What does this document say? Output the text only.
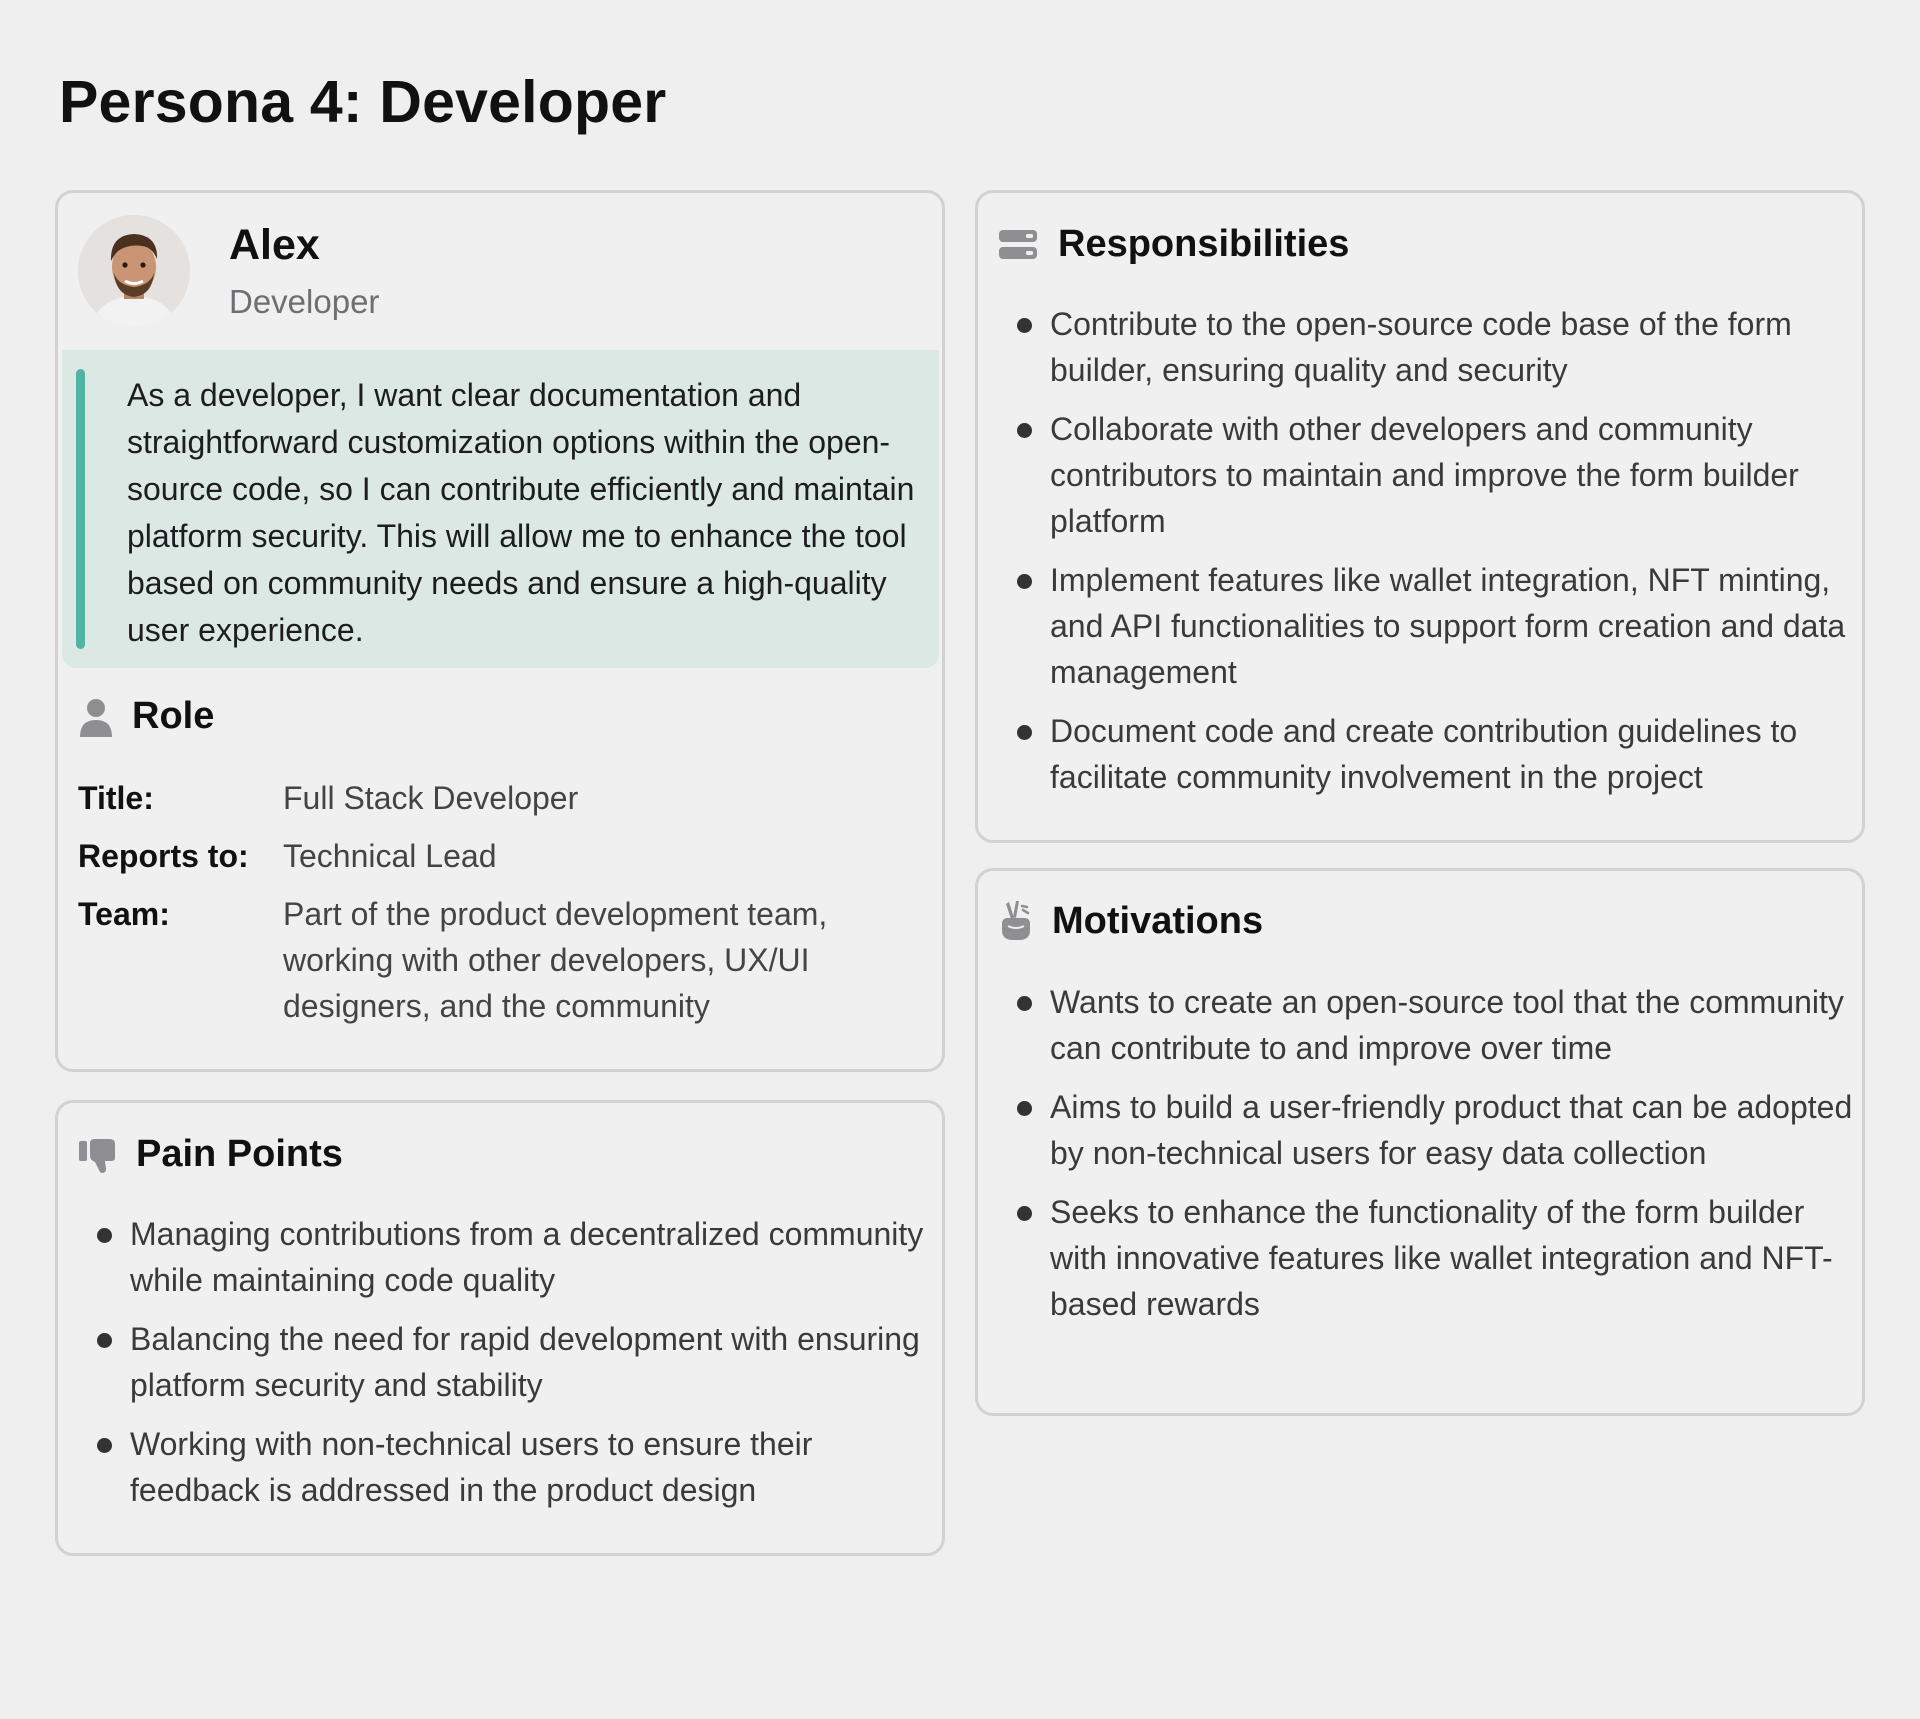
Persona 4: Developer
Alex
Developer

As a developer, I want clear documentation and straightforward customization options within the open-source code, so I can contribute efficiently and maintain platform security. This will allow me to enhance the tool based on community needs and ensure a high-quality user experience.

Role
Title:	Full Stack Developer
Reports to:	Technical Lead
Team:	Part of the product development team, working with other developers, UX/UI designers, and the community
Pain Points
Managing contributions from a decentralized community while maintaining code quality
Balancing the need for rapid development with ensuring platform security and stability
Working with non-technical users to ensure their feedback is addressed in the product design
Responsibilities
Contribute to the open-source code base of the form builder, ensuring quality and security
Collaborate with other developers and community contributors to maintain and improve the form builder platform
Implement features like wallet integration, NFT minting, and API functionalities to support form creation and data management
Document code and create contribution guidelines to facilitate community involvement in the project
Motivations
Wants to create an open-source tool that the community can contribute to and improve over time
Aims to build a user-friendly product that can be adopted by non-technical users for easy data collection
Seeks to enhance the functionality of the form builder with innovative features like wallet integration and NFT-based rewards
